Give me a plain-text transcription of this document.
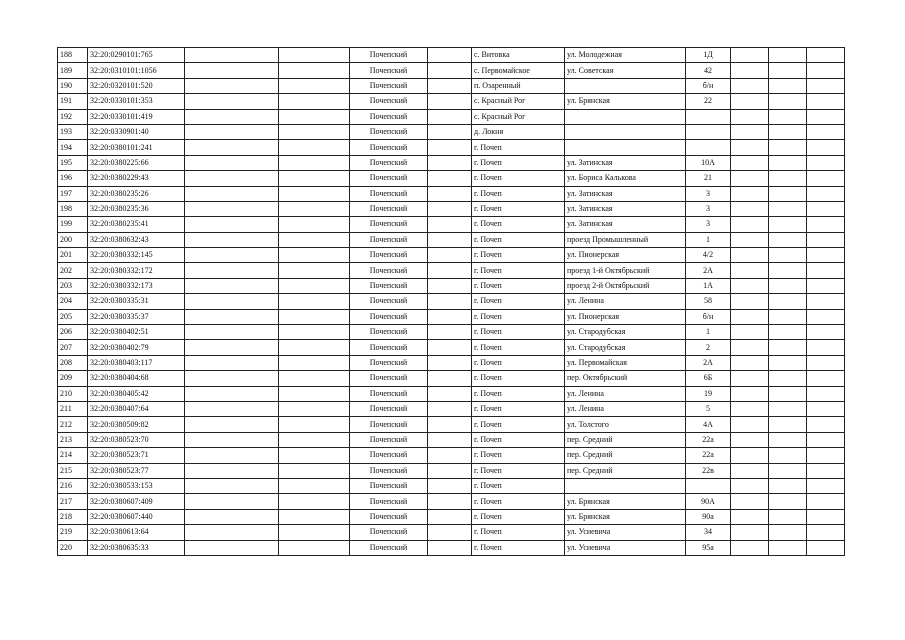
188	32:20:0290101:765			Почепский		с. Витовка	ул. Молодежная	1Д			
189	32:20:0310101:1056			Почепский		с. Первомайское	ул. Советская	42			
190	32:20:0320101:520			Почепский		п. Озаренный		б/н			
191	32:20:0330101:353			Почепский		с. Красный Рог	ул. Брянская	22			
192	32:20:0330101:419			Почепский		с. Красный Рог					
193	32:20:0330901:40			Почепский		д. Локня					
194	32:20:0380101:241			Почепский		г. Почеп					
195	32:20:0380225:66			Почепский		г. Почеп	ул. Затинская	10А			
196	32:20:0380229:43			Почепский		г. Почеп	ул. Бориса Калькова	21			
197	32:20:0380235:26			Почепский		г. Почеп	ул. Затинская	3			
198	32:20:0380235:36			Почепский		г. Почеп	ул. Затинская	3			
199	32:20:0380235:41			Почепский		г. Почеп	ул. Затинская	3			
200	32:20:0380632:43			Почепский		г. Почеп	проезд Промышленный	1			
201	32:20:0380332:145			Почепский		г. Почеп	ул. Пионерская	4/2			
202	32:20:0380332:172			Почепский		г. Почеп	проезд 1-й Октябрьский	2А			
203	32:20:0380332:173			Почепский		г. Почеп	проезд 2-й Октябрьский	1А			
204	32:20:0380335:31			Почепский		г. Почеп	ул. Ленина	58			
205	32:20:0380335:37			Почепский		г. Почеп	ул. Пионерская	б/н			
206	32:20:0380402:51			Почепский		г. Почеп	ул. Стародубская	1			
207	32:20:0380402:79			Почепский		г. Почеп	ул. Стародубская	2			
208	32:20:0380403:117			Почепский		г. Почеп	ул. Первомайская	2А			
209	32:20:0380404:68			Почепский		г. Почеп	пер. Октябрьский	6Б			
210	32:20:0380405:42			Почепский		г. Почеп	ул. Ленина	19			
211	32:20:0380407:64			Почепский		г. Почеп	ул. Ленина	5			
212	32:20:0380509:82			Почепский		г. Почеп	ул. Толстого	4А			
213	32:20:0380523:70			Почепский		г. Почеп	пер. Средний	22а			
214	32:20:0380523:71			Почепский		г. Почеп	пер. Средний	22а			
215	32:20:0380523:77			Почепский		г. Почеп	пер. Средний	22в			
216	32:20:0380533:153			Почепский		г. Почеп					
217	32:20:0380607:409			Почепский		г. Почеп	ул. Брянская	90А			
218	32:20:0380607:440			Почепский		г. Почеп	ул. Брянская	90а			
219	32:20:0380613:64			Почепский		г. Почеп	ул. Усиевича	34			
220	32:20:0380635:33			Почепский		г. Почеп	ул. Усиевича	95а			
